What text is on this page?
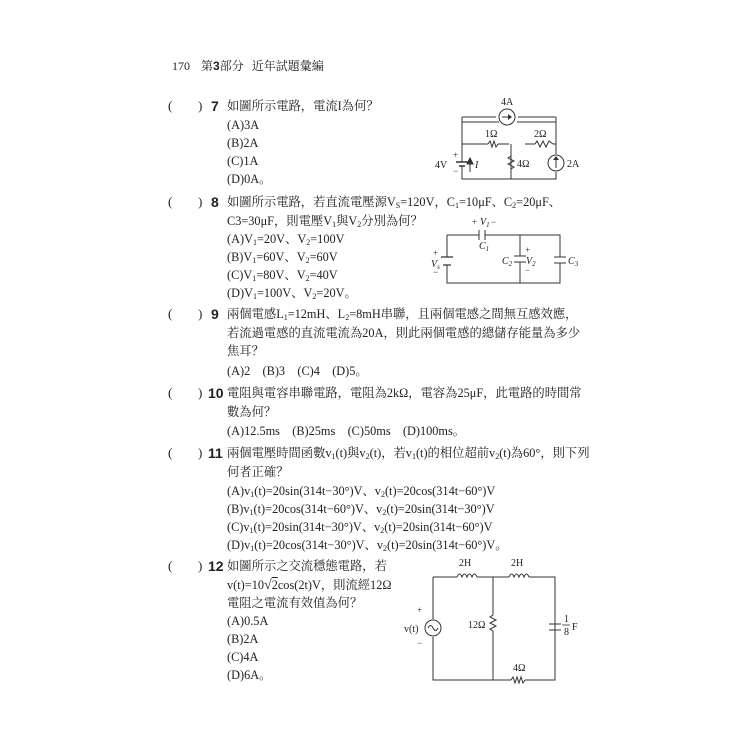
170 第3部分 近年試題彙編
( ) 7 如圖所示電路，電流I為何？
(A)3A
(B)2A
(C)1A
(D)0A。
4A
1Ω	2Ω
4Ω
4V
+
− I	2A
( ) 8 如圖所示電路，若直流電壓源$V_S=120V$，$C_1=10\mu F$、$C_2=20\mu F$、
C3=30μF，則電壓$V_1$與$V_2$分別為何？
$(A)V_1=20V$、$V_2=100V$
$(B)V_1=60V$、$V_2=60V$
$(C)V_1=80V$、$V_2=40V$
$(D)V_1=100V$、$V_2=20V$。
+ $V_1$ −
$C_1$
+
$V_s$
−
$C_2$
+
$V_2$
−
$C_3$
( ) 9 兩個電感$L_1=12mH$、$L_2=8mH$串聯，且兩個電感之間無互感效應，
若流過電感的直流電流為20A，則此兩個電感的總儲存能量為多少
焦耳？
(A)2　(B)3　(C)4　(D)5。
( ) 10 電阻與電容串聯電路，電阻為2kΩ，電容為25μF，此電路的時間常
數為何？
(A)12.5ms　(B)25ms　(C)50ms　(D)100ms。
( ) 11 兩個電壓時間函數$v_1(t)$與$v_2(t)$，若$v_1(t)$的相位超前$v_2(t)$為60°，則下列
何者正確？
$(A)v_1(t)=20\sin(314t-30^\circ)V$、$v_2(t)=20\cos(314t-60^\circ)V$
$(B)v_1(t)=20\cos(314t-60^\circ)V$、$v_2(t)=20\sin(314t-30^\circ)V$
$(C)v_1(t)=20\sin(314t-30^\circ)V$、$v_2(t)=20\sin(314t-60^\circ)V$
$(D)v_1(t)=20\cos(314t-30^\circ)V$、$v_2(t)=20\sin(314t-60^\circ)V$。
( ) 12 如圖所示之交流穩態電路，若
v(t)=10√2cos(2t)V，則流經12Ω
電阻之電流有效值為何？
(A)0.5A
(B)2A
(C)4A
(D)6A。
2H	2H
v(t)
+
−
12Ω
1
8 F
4Ω
